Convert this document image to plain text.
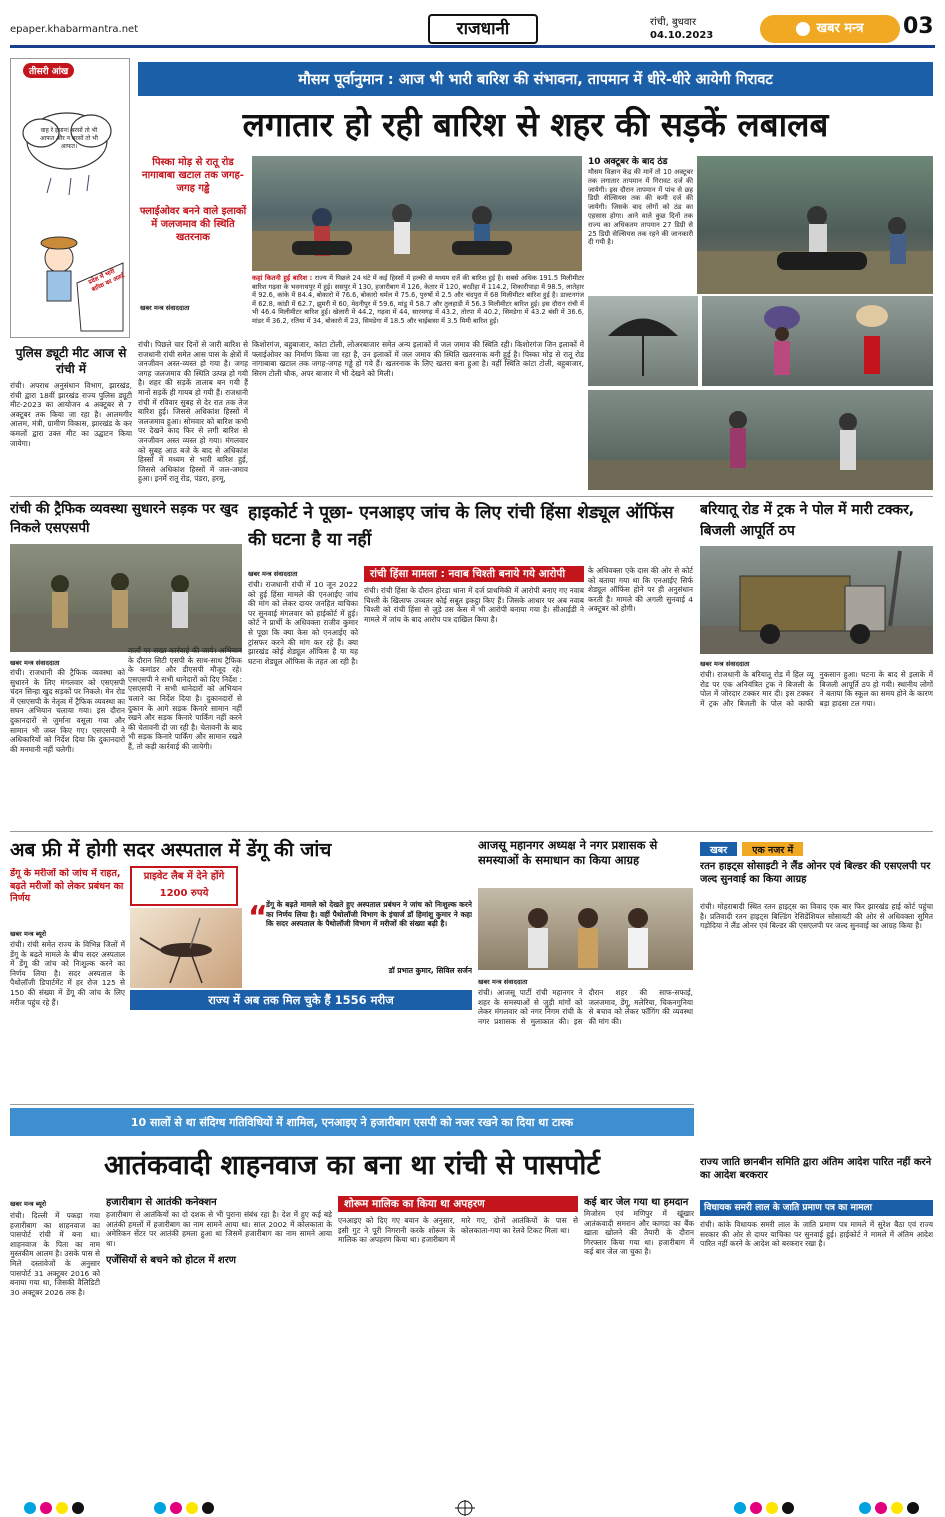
epaper.khabarmantra.net	राजधानी	रांची, बुधवार
04.10.2023	खबर मन्त्र	03
तीसरी आंख
वाह रे इंसान! बरसों तो भी आफत और न बरसों तो भी आफत।
प्रदेश में भारी बारिश का अलर्ट
मौसम पूर्वानुमान : आज भी भारी बारिश की संभावना, तापमान में धीरे-धीरे आयेगी गिरावट
लगातार हो रही बारिश से शहर की सड़कें लबालब
पिस्का मोड़ से रातू रोड नागाबाबा खटाल तक जगह-जगह गड्ढे
फ्लाईओवर बनने वाले इलाकों में जलजमाव की स्थिति खतरनाक
खबर मन्त्र संवाददाता
10 अक्टूबर के बाद ठंड
मौसम विज्ञान केंद्र की मानें तो 10 अक्टूबर तक लगातार तापमान में गिरावट दर्ज की जायेगी। इस दौरान तापमान में पांच से छह डिग्री सेल्सियस तक की कमी दर्ज की जायेगी। जिसके बाद लोगों को ठंड का एहसास होगा। आने वाले कुछ दिनों तक राज्य का अधिकतम तापमान 27 डिग्री से 25 डिग्री सेल्सियस तक रहने की जानकारी दी गयी है।
कहां कितनी हुई बारिश : राज्य में पिछले 24 घंटे में कई हिस्सों में हल्की से मध्यम दर्जे की बारिश हुई है। सबसे अधिक 191.5 मिलीमीटर बारिश गढ़वा के भवनाथपुर में हुई। ससपुर में 130, हजारीबाग में 126, केतार में 120, बरडीहा में 114.2, शिकारीपाड़ा में 98.5, लातेहार में 92.6, कांके में 84.4, बोकारो में 76.6, बोकारो थर्मल में 75.6, पुरुषों में 2.5 और चंदपुरा में 68 मिलीमीटर बारिश हुई है। डाल्टनगंज में 62.8, कांडी में 62.7, झुमरी में 60, मेदनीपुर में 59.6, मांडू में 58.7 और तुलहाडी में 56.3 मिलीमीटर बारिश हुई। इस दौरान रांची में भी 46.4 मिलीमीटर बारिश हुई। खेलारी में 44.2, गढ़वा में 44, सारमगढ़ में 43.2, तोरपा में 40.2, सिमडेगा में 43.2 बंसी में 36.6, मांडर में 36.2, रतिया में 34, बोकारो में 23, सिमडेगा में 18.5 और चाईबासा में 3.5 मिमी बारिश हुई।
रांची। पिछले चार दिनों से जारी बारिश से राजधानी रांची समेत आस पास के क्षेत्रों में जनजीवन अस्त-व्यस्त हो गया है। जगह जगह जलजमाव की स्थिति उत्पन्न हो गयी है। शहर की सड़कें तालाब बन गयी हैं मानों सड़कें ही गायब हो गयी हैं। राजधानी रांची में रविवार सुबह से देर रात तक तेज बारिश हुई। जिससे अधिकांश हिस्सों में जलजमाव हुआ। सोमवार को बारिश कभी पर देखने काद फिर से लगी बारिश से जनजीवन अस्त व्यस्त हो गया। मंगलवार को सुबह आठ बजे के बाद से अधिकांश हिस्सों में मध्यम से भारी बारिश हुई, जिससे अधिकांश हिस्सों में जल-जमाव हुआ। इनमें रातू रोड, पंडरा, हरमू,
किशोरगंज, बहुबाजार, कांटा टोली, लोअरबाजार समेत अन्य इलाकों में जल जमाव की स्थिति रही। किशोरगंज जिन इलाकों में फ्लाईओवर का निर्माण किया जा रहा है, उन इलाकों में जल जमाव की स्थिति खतरनाक बनी हुई है। पिस्का मोड़ से रातू रोड नागाबाबा खटाल तक जगह-जगह गड्ढे हो गये हैं। खतरनाक के लिए खतरा बना हुआ है। वहीं स्थिति कांटा टोली, बहुबाजार, सिरम टोली चौक, अपर बाजार में भी देखने को मिली।
पुलिस ड्यूटी मीट आज से रांची में
रांची। अपराध अनुसंधान विभाग, झारखंड, रांची द्वारा 18वीं झारखंड राज्य पुलिस ड्यूटी मीट-2023 का आयोजन 4 अक्टूबर से 7 अक्टूबर तक किया जा रहा है। आलमगीर आलम, मंत्री, ग्रामीण विकास, झारखंड के कर कमलों द्वारा उक्त मीट का उद्घाटन किया जायेगा।
रांची की ट्रैफिक व्यवस्था सुधारने सड़क पर खुद निकले एसएसपी
खबर मन्त्र संवाददाता
रांची। राजधानी की ट्रैफिक व्यवस्था को सुधारने के लिए मंगलवार को एसएसपी चंदन सिन्हा खुद सड़कों पर निकले। मेन रोड में एसएसपी के नेतृत्व में ट्रैफिक व्यवस्था का सघन अभियान चलाया गया। इस दौरान दुकानदारों से जुर्माना वसूला गया और सामान भी जब्त किए गए। एसएसपी ने अधिकारियों को निर्देश दिया कि दुकानदारों की मनमानी नहीं चलेगी।
वालों पर सख्त कार्रवाई की जाये। अभियान के दौरान सिटी एसपी के साथ-साथ ट्रैफिक के कमांडर और डीएसपी मौजूद रहे। एसएसपी ने सभी थानेदारों को दिए निर्देश : एसएसपी ने सभी थानेदारों को अभियान चलाने का निर्देश दिया है। दुकानदारों से दुकान के आगे सड़क किनारे सामान नहीं रखने और सड़क किनारे पार्किंग नहीं करने की चेतावनी दी जा रही है। चेतावनी के बाद भी सड़क किनारे पार्किंग और सामान रखते हैं, तो कड़ी कार्रवाई की जायेगी।
हाइकोर्ट ने पूछा- एनआइए जांच के लिए रांची हिंसा शेड्यूल ऑफिंस की घटना है या नहीं
खबर मन्त्र संवाददाता
रांची। राजधानी रांची में 10 जून 2022 को हुई हिंसा मामले की एनआईए जांच की मांग को लेकर दायर जनहित याचिका पर सुनवाई मंगलवार को हाईकोर्ट में हुई। कोर्ट ने प्रार्थी के अधिवक्ता राजीव कुमार से पूछा कि क्या केस को एनआईए को ट्रांसफर करने की मांग कर रहे हैं। क्या झारखंड कोई शेड्यूल ऑफिस है या यह घटना शेड्यूल ऑफिस के तहत आ रही है।
रांची हिंसा मामला : नवाब चिश्ती बनाये गये आरोपी
रांची। रांची हिंसा के दौरान होरडा थाना में दर्ज प्राथमिकी में आरोपी बनाए गए नवाब चिश्ती के खिलाफ उच्चतर कोई सबूत इकट्ठा किए हैं। जिसके आधार पर अब नवाब चिश्ती को रांची हिंसा से जुड़े उस केस में भी आरोपी बनाया गया है। सीआईडी ने मामले में जांच के बाद आरोप पत्र दाखिल किया है।
के अधिवक्ता एके दास की ओर से कोर्ट को बताया गया था कि एनआईए सिर्फ शेड्यूल ऑफिंस होने पर ही अनुसंधान करती है। मामले की अगली सुनवाई 4 अक्टूबर को होगी।
बरियातू रोड में ट्रक ने पोल में मारी टक्कर, बिजली आपूर्ति ठप
खबर मन्त्र संवाददाता
रांची। राजधानी के बरियातू रोड में हिल व्यू रोड पर एक अनियंत्रित ट्रक ने बिजली के पोल में जोरदार टक्कर मार दी। इस टक्कर में ट्रक और बिजली के पोल को काफी नुकसान हुआ। घटना के बाद से इलाके में बिजली आपूर्ति ठप हो गयी। स्थानीय लोगों ने बताया कि स्कूल का समय होने के कारण बड़ा हादसा टल गया।
अब फ्री में होगी सदर अस्पताल में डेंगू की जांच
डेंगू के मरीजों को जांच में राहत, बढ़ते मरीजों को लेकर प्रबंधन का निर्णय
खबर मन्त्र ब्यूरो
रांची। रांची समेत राज्य के विभिन्न जिलों में डेंगू के बढ़ते मामले के बीच सदर अस्पताल में डेंगू की जांच को निःशुल्क करने का निर्णय लिया है। सदर अस्पताल के पैथोलॉजी डिपार्टमेंट में हर रोज 125 से 150 की संख्या में डेंगू की जांच के लिए मरीज पहुंच रहे हैं।
प्राइवेट लैब में देने होंगे 1200 रुपये
“
डेंगू के बढ़ते मामले को देखते हुए अस्पताल प्रबंधन ने जांच को निःशुल्क करने का निर्णय लिया है। वहीं पैथोलॉजी विभाग के इंचार्ज डॉ हिमांशु कुमार ने कहा कि सदर अस्पताल के पैथोलॉजी विभाग में मरीजों की संख्या बढ़ी है।
डॉ प्रभात कुमार, सिविल सर्जन
राज्य में अब तक मिल चुके हैं 1556 मरीज
आजसू महानगर अध्यक्ष ने नगर प्रशासक से समस्याओं के समाधान का किया आग्रह
खबर मन्त्र संवाददाता
रांची। आजसू पार्टी रांची महानगर ने शहर के समस्याओं से जुड़ी मांगों को लेकर मंगलवार को नगर निगम रांची के नगर प्रशासक से मुलाकात की। इस दौरान शहर की साफ-सफाई, जलजमाव, डेंगू, मलेरिया, चिकनगुनिया से बचाव को लेकर फॉगिंग की व्यवस्था की मांग की।
खबर	एक नजर में
रतन हाइट्स सोसाइटी ने लैंड ओनर एवं बिल्डर की एसएलपी पर जल्द सुनवाई का किया आग्रह
रांची। मोहराबादी स्थित रतन हाइट्स का विवाद एक बार फिर झारखंड हाई कोर्ट पहुंचा है। प्रतिवादी रतन हाइट्स बिल्डिंग रेसिडेंशियल सोसायटी की ओर से अधिवक्ता सुमित गड़ोदिया ने लैंड ओनर एवं बिल्डर की एसएलपी पर जल्द सुनवाई का आग्रह किया है।
10 सालों से था संदिग्ध गतिविधियों में शामिल, एनआइए ने हजारीबाग एसपी को नजर रखने का दिया था टास्क
आतंकवादी शाहनवाज का बना था रांची से पासपोर्ट
खबर मन्त्र ब्यूरो
रांची। दिल्ली में पकड़ा गया हजारीबाग का शाहनवाज का पासपोर्ट रांची में बना था। शाहनवाज के पिता का नाम मुस्तकीम आलम है। उसके पास से मिले दस्तावेजों के अनुसार पासपोर्ट 31 अक्टूबर 2016 को बनाया गया था, जिसकी वैलिडिटी 30 अक्टूबर 2026 तक है।
हजारीबाग से आतंकी कनेक्शन
हजारीबाग से आतंकियों का दो दशक से भी पुराना संबंध रहा है। देश में हुए कई बड़े आतंकी हमलों में हजारीबाग का नाम सामने आया था। साल 2002 में कोलकाता के अमेरिकन सेंटर पर आतंकी हमला हुआ था जिसमें हजारीबाग का नाम सामने आया था।
एजेंसियों से बचने को होटल में शरण
शोरूम मालिक का किया था अपहरण
एनआइए को दिए गए बयान के अनुसार, इसी गुट ने पूरी निगरानी करके शोरूम के मालिक का अपहरण किया था। हजारीबाग में मारे गए, दोनों आतंकियों के पास से कोलकाता-गया का रेलवे टिकट मिला था।
कई बार जेल गया था हमदान
मिजोरम एवं मणिपुर में खूंखार आतंकवादी समरान और कागदा का बैंक खाता खोलने की तैयारी के दौरान गिरफ्तार किया गया था। हजारीबाग में कई बार जेल जा चुका है।
राज्य जाति छानबीन समिति द्वारा अंतिम आदेश पारित नहीं करने का आदेश बरकरार
विधायक समरी लाल के जाति प्रमाण पत्र का मामला
रांची। कांके विधायक समरी लाल के जाति प्रमाण पत्र मामले में सुरेश बैठा एवं राज्य सरकार की ओर से दायर याचिका पर सुनवाई हुई। हाईकोर्ट ने मामले में अंतिम आदेश पारित नहीं करने के आदेश को बरकरार रखा है।
